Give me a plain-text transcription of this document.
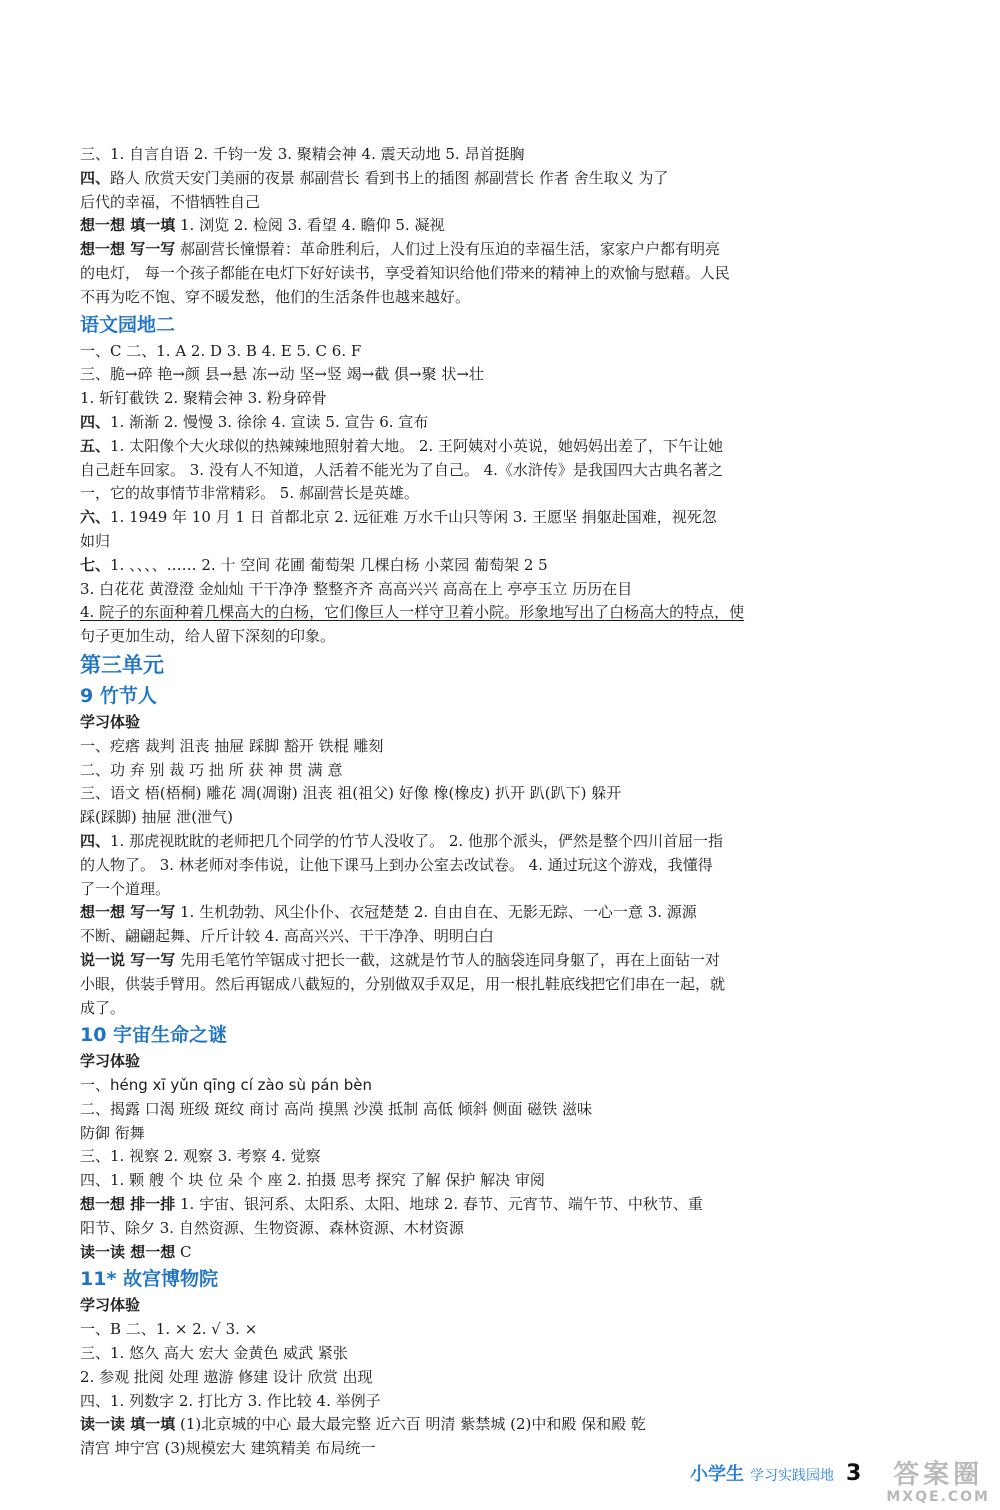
三、1. 自言自语 2. 千钧一发 3. 聚精会神 4. 震天动地 5. 昂首挺胸
四、路人 欣赏天安门美丽的夜景 郝副营长 看到书上的插图 郝副营长 作者 舍生取义 为了
后代的幸福，不惜牺牲自己
想一想 填一填 1. 浏览 2. 检阅 3. 看望 4. 瞻仰 5. 凝视
想一想 写一写 郝副营长憧憬着：革命胜利后，人们过上没有压迫的幸福生活，家家户户都有明亮
的电灯， 每一个孩子都能在电灯下好好读书，享受着知识给他们带来的精神上的欢愉与慰藉。人民
不再为吃不饱、穿不暖发愁，他们的生活条件也越来越好。
语文园地二
一、C 二、1. A 2. D 3. B 4. E 5. C 6. F
三、脆→碎 艳→颜 县→悬 冻→动 坚→竖 竭→截 俱→聚 状→壮
1. 斩钉截铁 2. 聚精会神 3. 粉身碎骨
四、1. 渐渐 2. 慢慢 3. 徐徐 4. 宣读 5. 宣告 6. 宣布
五、1. 太阳像个大火球似的热辣辣地照射着大地。 2. 王阿姨对小英说，她妈妈出差了，下午让她
自己赶车回家。 3. 没有人不知道，人活着不能光为了自己。 4.《水浒传》是我国四大古典名著之
一，它的故事情节非常精彩。 5. 郝副营长是英雄。
六、1. 1949 年 10 月 1 日 首都北京 2. 远征难 万水千山只等闲 3. 王愿坚 捐躯赴国难，视死忽
如归
七、1. 、、、、…… 2. 十 空间 花圃 葡萄架 几棵白杨 小菜园 葡萄架 2 5
3. 白花花 黄澄澄 金灿灿 干干净净 整整齐齐 高高兴兴 高高在上 亭亭玉立 历历在目
4. 院子的东面种着几棵高大的白杨，它们像巨人一样守卫着小院。形象地写出了白杨高大的特点，使
句子更加生动，给人留下深刻的印象。
第三单元
9 竹节人
学习体验
一、疙瘩 裁判 沮丧 抽屉 踩脚 豁开 铁棍 雕刻
二、功 弃 别 裁 巧 拙 所 获 神 贯 满 意
三、语文 梧(梧桐) 雕花 凋(凋谢) 沮丧 祖(祖父) 好像 橡(橡皮) 扒开 趴(趴下) 躲开
踩(踩脚) 抽屉 泄(泄气)
四、1. 那虎视眈眈的老师把几个同学的竹节人没收了。 2. 他那个派头，俨然是整个四川首屈一指
的人物了。 3. 林老师对李伟说，让他下课马上到办公室去改试卷。 4. 通过玩这个游戏，我懂得
了一个道理。
想一想 写一写 1. 生机勃勃、风尘仆仆、衣冠楚楚 2. 自由自在、无影无踪、一心一意 3. 源源
不断、翩翩起舞、斤斤计较 4. 高高兴兴、干干净净、明明白白
说一说 写一写 先用毛笔竹竿锯成寸把长一截，这就是竹节人的脑袋连同身躯了，再在上面钻一对
小眼，供装手臂用。然后再锯成八截短的，分别做双手双足，用一根扎鞋底线把它们串在一起，就
成了。
10 宇宙生命之谜
学习体验
一、héng xī yǔn qīng cí zào sù pán bèn
二、揭露 口渴 班级 斑纹 商讨 高尚 摸黑 沙漠 抵制 高低 倾斜 侧面 磁铁 滋味
防御 衔舞
三、1. 视察 2. 观察 3. 考察 4. 觉察
四、1. 颗 艘 个 块 位 朵 个 座 2. 拍摄 思考 探究 了解 保护 解决 审阅
想一想 排一排 1. 宇宙、银河系、太阳系、太阳、地球 2. 春节、元宵节、端午节、中秋节、重
阳节、除夕 3. 自然资源、生物资源、森林资源、木材资源
读一读 想一想 C
11* 故宫博物院
学习体验
一、B 二、1. × 2. √ 3. ×
三、1. 悠久 高大 宏大 金黄色 威武 紧张
2. 参观 批阅 处理 遨游 修建 设计 欣赏 出现
四、1. 列数字 2. 打比方 3. 作比较 4. 举例子
读一读 填一填 (1)北京城的中心 最大最完整 近六百 明清 紫禁城 (2)中和殿 保和殿 乾
清宫 坤宁宫 (3)规模宏大 建筑精美 布局统一
小学生 学习实践园地 3 答案圈
MXQE.COM
